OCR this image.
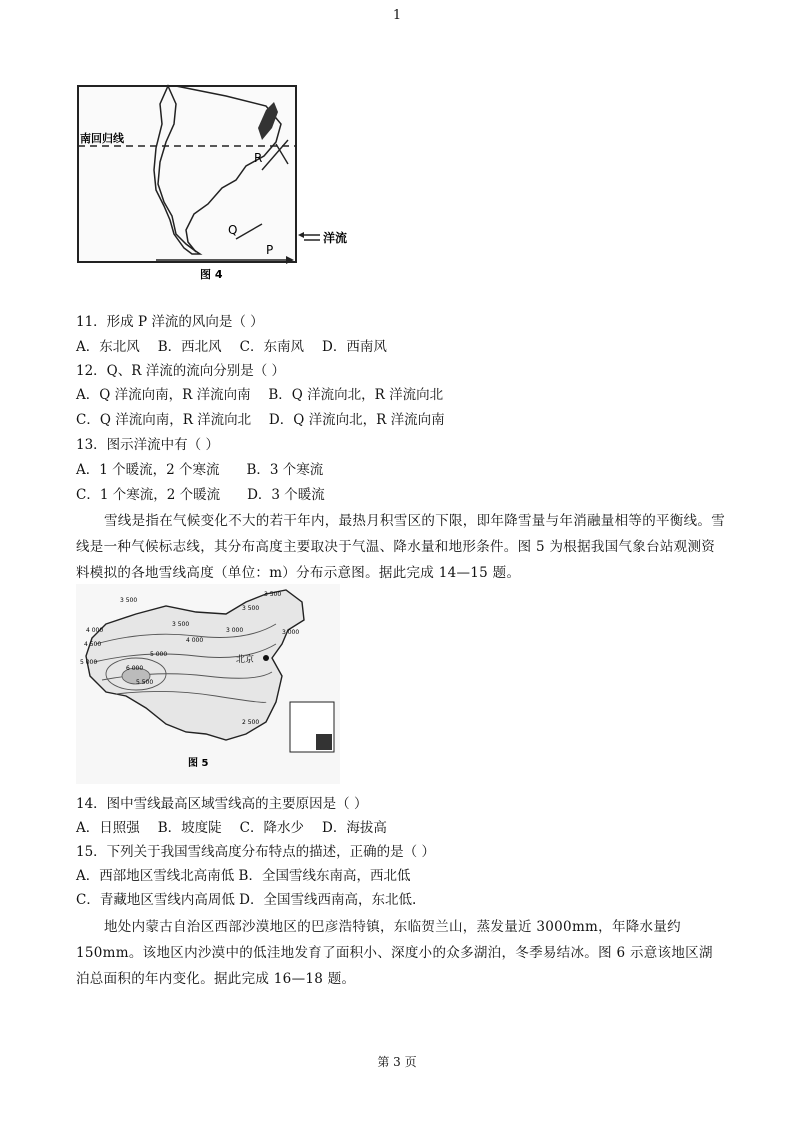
1
南回归线
R
Q
P
洋流
图 4
11．形成 P 洋流的风向是（ ）
A．东北风 B．西北风 C．东南风 D．西南风
12．Q、R 洋流的流向分别是（ ）
A．Q 洋流向南，R 洋流向南　 B．Q 洋流向北，R 洋流向北
C．Q 洋流向南，R 洋流向北　 D．Q 洋流向北，R 洋流向南
13．图示洋流中有（ ）
A．1 个暖流，2 个寒流　　B．3 个寒流
C．1 个寒流，2 个暖流　　D．3 个暖流
雪线是指在气候变化不大的若干年内，最热月积雪区的下限，即年降雪量与年消融量相等的平衡线。雪线是一种气候标志线，其分布高度主要取决于气温、降水量和地形条件。图 5 为根据我国气象台站观测资料模拟的各地雪线高度（单位：m）分布示意图。据此完成 14—15 题。
北京
3 500
3 500
4 000
4 500
5 000
3 500
4 000
5 000
5 500
6 000
3 000
3 500
3 000
2 500
图 5
14．图中雪线最高区域雪线高的主要原因是（ ）
A．日照强 B．坡度陡 C．降水少 D．海拔高
15．下列关于我国雪线高度分布特点的描述，正确的是（ ）
A．西部地区雪线北高南低 B．全国雪线东南高，西北低
C．青藏地区雪线内高周低 D．全国雪线西南高，东北低.
地处内蒙古自治区西部沙漠地区的巴彦浩特镇，东临贺兰山，蒸发量近 3000mm，年降水量约 150mm。该地区内沙漠中的低洼地发育了面积小、深度小的众多湖泊，冬季易结冰。图 6 示意该地区湖泊总面积的年内变化。据此完成 16—18 题。
第 3 页
